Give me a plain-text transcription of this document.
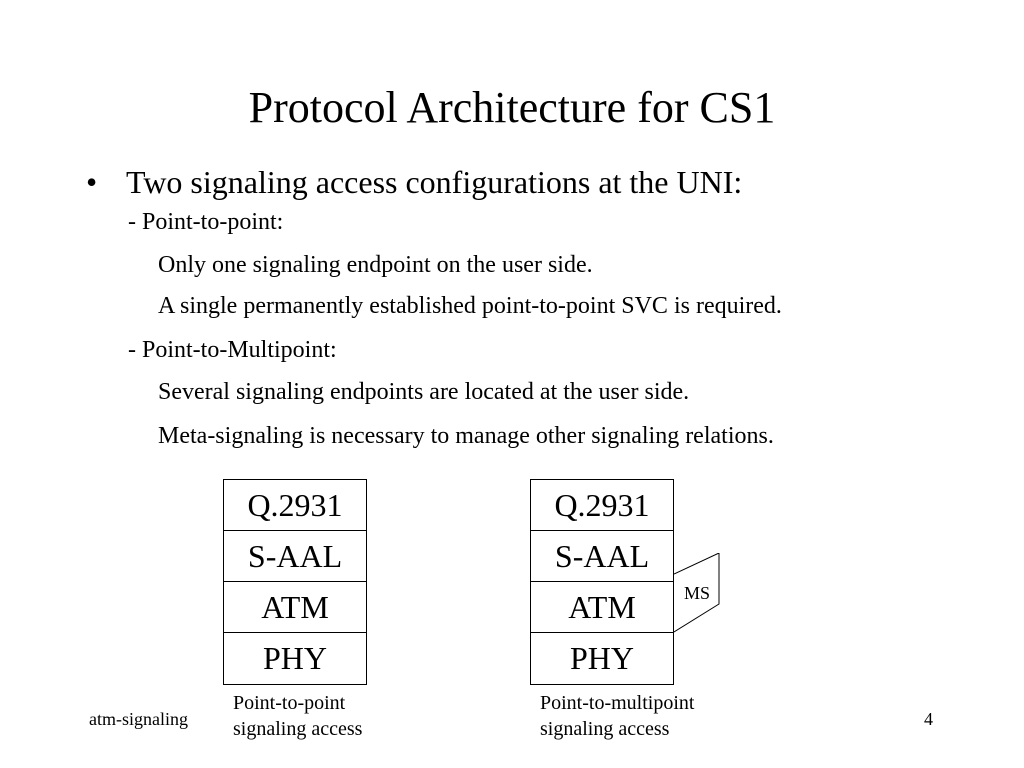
Protocol Architecture for CS1
• Two signaling access configurations at the UNI:
- Point-to-point:
Only one signaling endpoint on the user side.
A single permanently established point-to-point SVC is required.
- Point-to-Multipoint:
Several signaling endpoints are located at the user side.
Meta-signaling is necessary to manage other signaling relations.
Q.2931
S-AAL
ATM
PHY
Q.2931
S-AAL
ATM
PHY
MS
Point-to-point
signaling access
Point-to-multipoint
signaling access
atm-signaling	4
